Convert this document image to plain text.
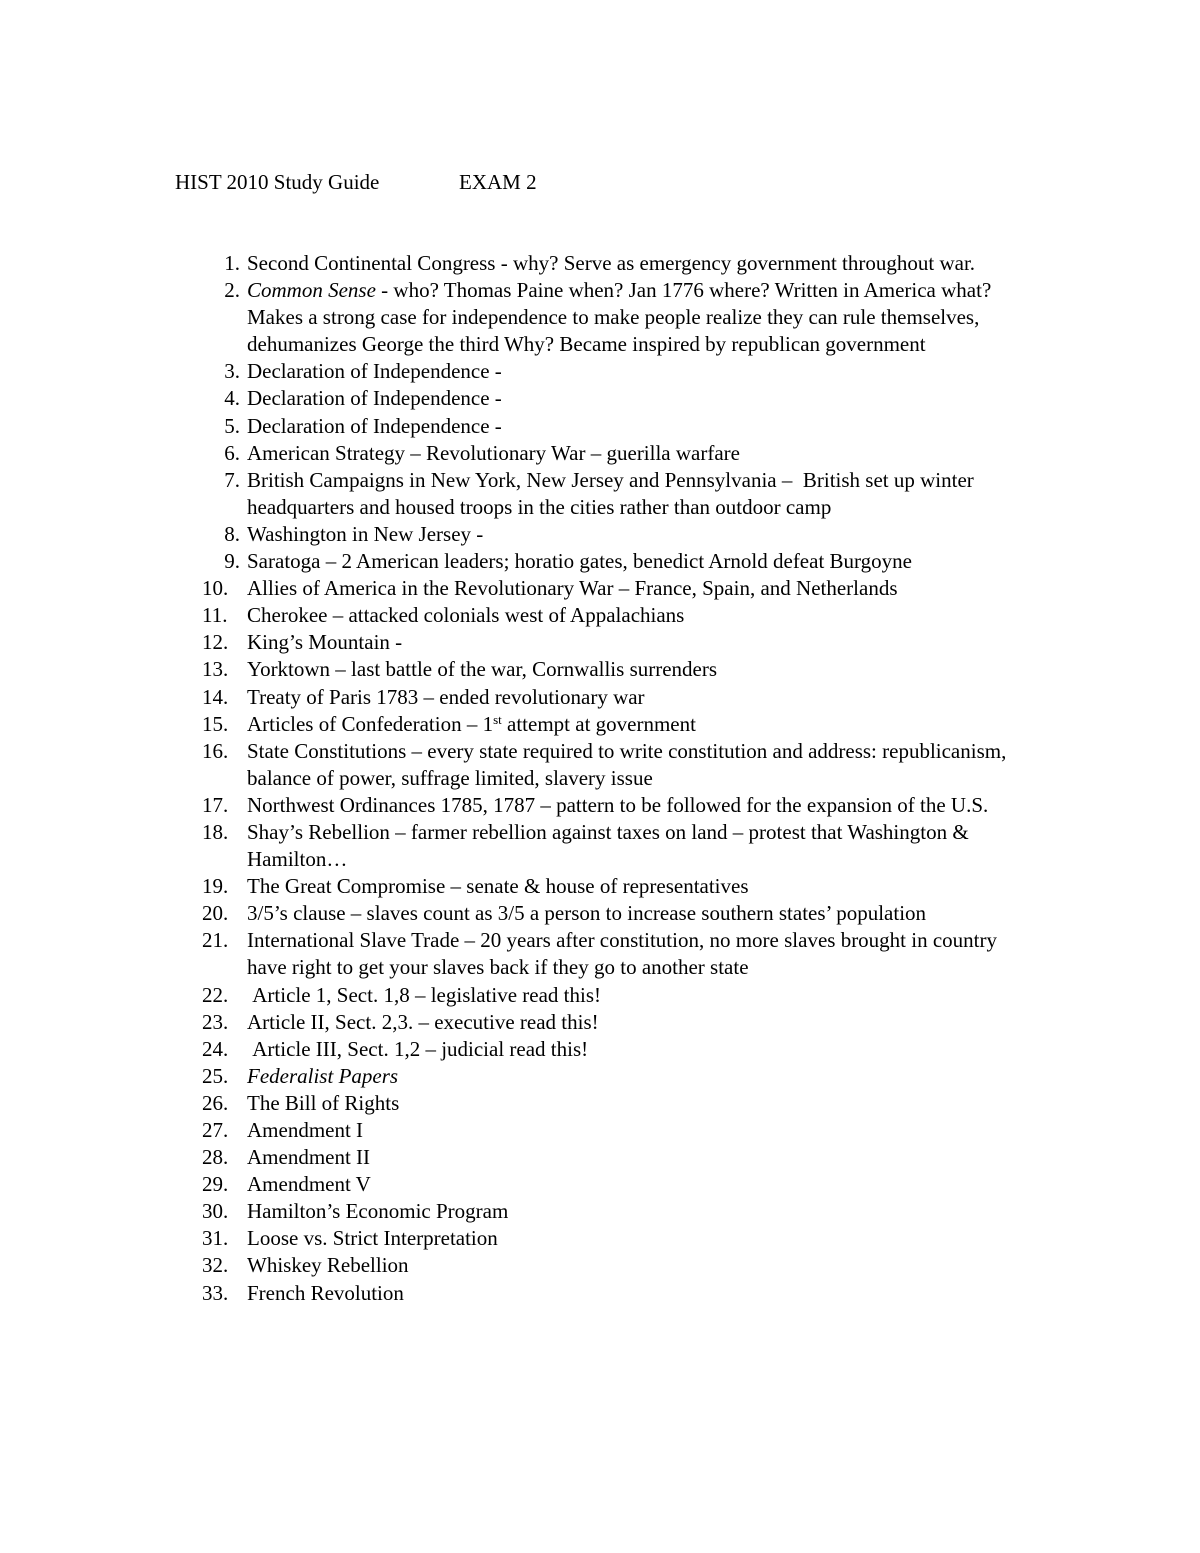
HIST 2010 Study Guide	EXAM 2
1. Second Continental Congress - why? Serve as emergency government throughout war.
2. Common Sense - who? Thomas Paine when? Jan 1776 where? Written in America what? Makes a strong case for independence to make people realize they can rule themselves, dehumanizes George the third Why? Became inspired by republican government
3. Declaration of Independence -
4. Declaration of Independence -
5. Declaration of Independence -
6. American Strategy – Revolutionary War – guerilla warfare
7. British Campaigns in New York, New Jersey and Pennsylvania –  British set up winter headquarters and housed troops in the cities rather than outdoor camp
8. Washington in New Jersey -
9. Saratoga – 2 American leaders; horatio gates, benedict Arnold defeat Burgoyne
10. Allies of America in the Revolutionary War – France, Spain, and Netherlands
11. Cherokee – attacked colonials west of Appalachians
12. King’s Mountain -
13. Yorktown – last battle of the war, Cornwallis surrenders
14. Treaty of Paris 1783 – ended revolutionary war
15. Articles of Confederation – 1st attempt at government
16. State Constitutions – every state required to write constitution and address: republicanism, balance of power, suffrage limited, slavery issue
17. Northwest Ordinances 1785, 1787 – pattern to be followed for the expansion of the U.S.
18. Shay’s Rebellion – farmer rebellion against taxes on land – protest that Washington & Hamilton…
19. The Great Compromise – senate & house of representatives
20. 3/5’s clause – slaves count as 3/5 a person to increase southern states’ population
21. International Slave Trade – 20 years after constitution, no more slaves brought in country have right to get your slaves back if they go to another state
22. Article 1, Sect. 1,8 – legislative read this!
23. Article II, Sect. 2,3. – executive read this!
24. Article III, Sect. 1,2 – judicial read this!
25. Federalist Papers
26. The Bill of Rights
27. Amendment I
28. Amendment II
29. Amendment V
30. Hamilton’s Economic Program
31. Loose vs. Strict Interpretation
32. Whiskey Rebellion
33. French Revolution
